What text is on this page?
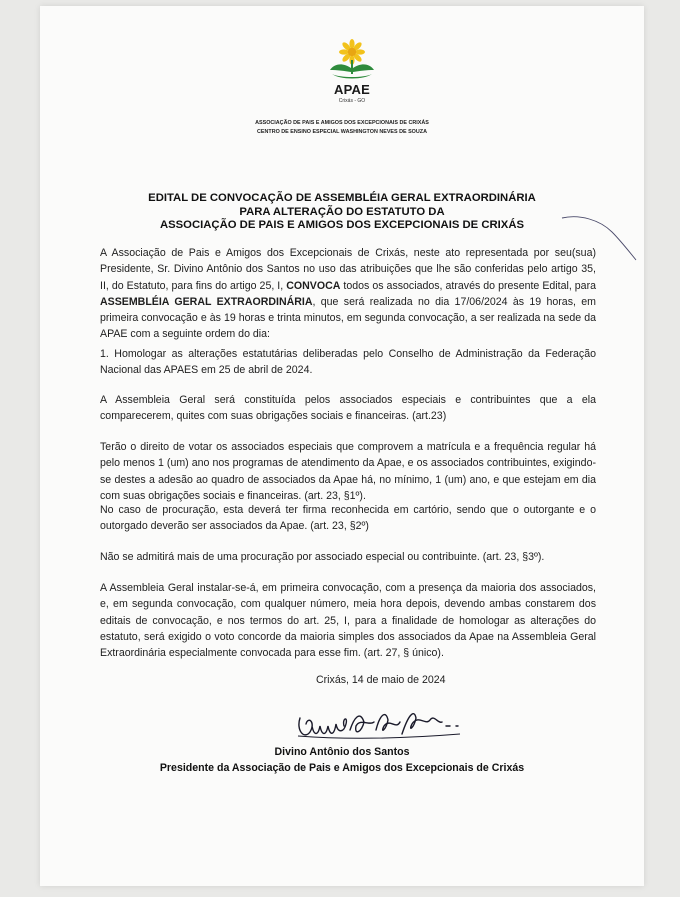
APAE
Crixás - GO
ASSOCIAÇÃO DE PAIS E AMIGOS DOS EXCEPCIONAIS DE CRIXÁS
CENTRO DE ENSINO ESPECIAL WASHINGTON NEVES DE SOUZA
EDITAL DE CONVOCAÇÃO DE ASSEMBLÉIA GERAL EXTRAORDINÁRIA
PARA ALTERAÇÃO DO ESTATUTO DA
ASSOCIAÇÃO DE PAIS E AMIGOS DOS EXCEPCIONAIS DE CRIXÁS
A Associação de Pais e Amigos dos Excepcionais de Crixás, neste ato representada por seu(sua) Presidente, Sr. Divino Antônio dos Santos no uso das atribuições que lhe são conferidas pelo artigo 35, II, do Estatuto, para fins do artigo 25, I, CONVOCA todos os associados, através do presente Edital, para ASSEMBLÉIA GERAL EXTRAORDINÁRIA, que será realizada no dia 17/06/2024 às 19 horas, em primeira convocação e às 19 horas e trinta minutos, em segunda convocação, a ser realizada na sede da APAE com a seguinte ordem do dia:
1. Homologar as alterações estatutárias deliberadas pelo Conselho de Administração da Federação Nacional das APAES em 25 de abril de 2024.
A Assembleia Geral será constituída pelos associados especiais e contribuintes que a ela comparecerem, quites com suas obrigações sociais e financeiras. (art.23)
Terão o direito de votar os associados especiais que comprovem a matrícula e a frequência regular há pelo menos 1 (um) ano nos programas de atendimento da Apae, e os associados contribuintes, exigindo-se destes a adesão ao quadro de associados da Apae há, no mínimo, 1 (um) ano, e que estejam em dia com suas obrigações sociais e financeiras. (art. 23, §1º).
No caso de procuração, esta deverá ter firma reconhecida em cartório, sendo que o outorgante e o outorgado deverão ser associados da Apae. (art. 23, §2º)
Não se admitirá mais de uma procuração por associado especial ou contribuinte. (art. 23, §3º).
A Assembleia Geral instalar-se-á, em primeira convocação, com a presença da maioria dos associados, e, em segunda convocação, com qualquer número, meia hora depois, devendo ambas constarem dos editais de convocação, e nos termos do art. 25, I, para a finalidade de homologar as alterações do estatuto, será exigido o voto concorde da maioria simples dos associados da Apae na Assembleia Geral Extraordinária especialmente convocada para esse fim. (art. 27, § único).
Crixás, 14 de maio de 2024
Divino Antônio dos Santos
Presidente da Associação de Pais e Amigos dos Excepcionais de Crixás
